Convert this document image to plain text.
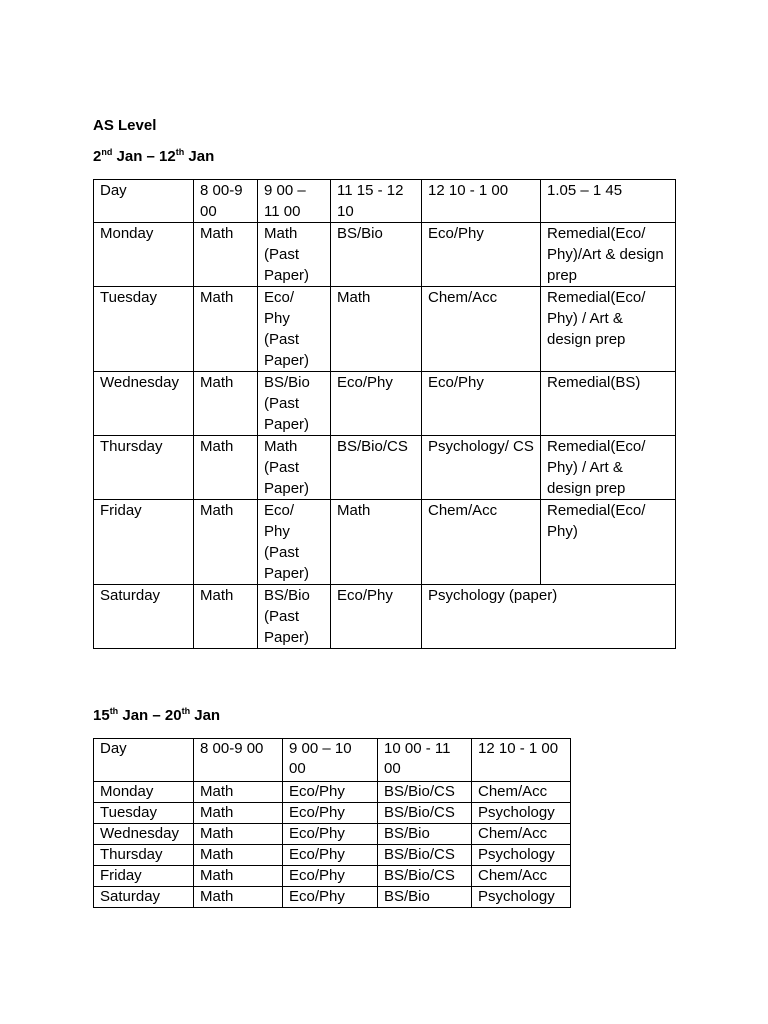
AS Level
2nd Jan – 12th Jan
Day	8 00-9 00	9 00 – 11 00	11 15 - 12 10	12 10 - 1 00	1.05 – 1 45
Monday	Math	Math (Past Paper)	BS/Bio	Eco/Phy	Remedial(Eco/ Phy)/Art & design prep
Tuesday	Math	Eco/ Phy (Past Paper)	Math	Chem/Acc	Remedial(Eco/ Phy) / Art & design prep
Wednesday	Math	BS/Bio (Past Paper)	Eco/Phy	Eco/Phy	Remedial(BS)
Thursday	Math	Math (Past Paper)	BS/Bio/CS	Psychology/ CS	Remedial(Eco/ Phy) / Art & design prep
Friday	Math	Eco/ Phy (Past Paper)	Math	Chem/Acc	Remedial(Eco/ Phy)
Saturday	Math	BS/Bio (Past Paper)	Eco/Phy	Psychology (paper)	
15th Jan – 20th Jan
Day	8 00-9 00	9 00 – 10 00	10 00 - 11 00	12 10 - 1 00
Monday	Math	Eco/Phy	BS/Bio/CS	Chem/Acc
Tuesday	Math	Eco/Phy	BS/Bio/CS	Psychology
Wednesday	Math	Eco/Phy	BS/Bio	Chem/Acc
Thursday	Math	Eco/Phy	BS/Bio/CS	Psychology
Friday	Math	Eco/Phy	BS/Bio/CS	Chem/Acc
Saturday	Math	Eco/Phy	BS/Bio	Psychology
